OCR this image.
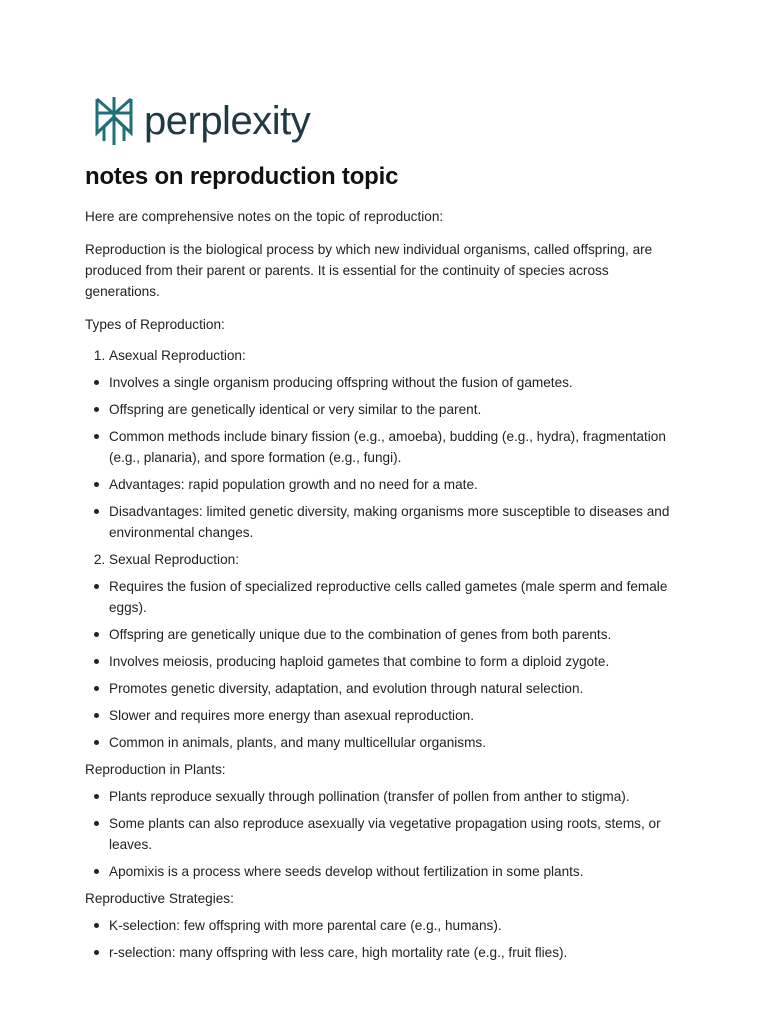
perplexity
notes on reproduction topic

Here are comprehensive notes on the topic of reproduction:

Reproduction is the biological process by which new individual organisms, called offspring, are produced from their parent or parents. It is essential for the continuity of species across generations.

Types of Reproduction:

1. Asexual Reproduction:
Involves a single organism producing offspring without the fusion of gametes.
Offspring are genetically identical or very similar to the parent.
Common methods include binary fission (e.g., amoeba), budding (e.g., hydra), fragmentation (e.g., planaria), and spore formation (e.g., fungi).
Advantages: rapid population growth and no need for a mate.
Disadvantages: limited genetic diversity, making organisms more susceptible to diseases and environmental changes.
2. Sexual Reproduction:
Requires the fusion of specialized reproductive cells called gametes (male sperm and female eggs).
Offspring are genetically unique due to the combination of genes from both parents.
Involves meiosis, producing haploid gametes that combine to form a diploid zygote.
Promotes genetic diversity, adaptation, and evolution through natural selection.
Slower and requires more energy than asexual reproduction.
Common in animals, plants, and many multicellular organisms.

Reproduction in Plants:

Plants reproduce sexually through pollination (transfer of pollen from anther to stigma).
Some plants can also reproduce asexually via vegetative propagation using roots, stems, or leaves.
Apomixis is a process where seeds develop without fertilization in some plants.

Reproductive Strategies:

K-selection: few offspring with more parental care (e.g., humans).
r-selection: many offspring with less care, high mortality rate (e.g., fruit flies).
